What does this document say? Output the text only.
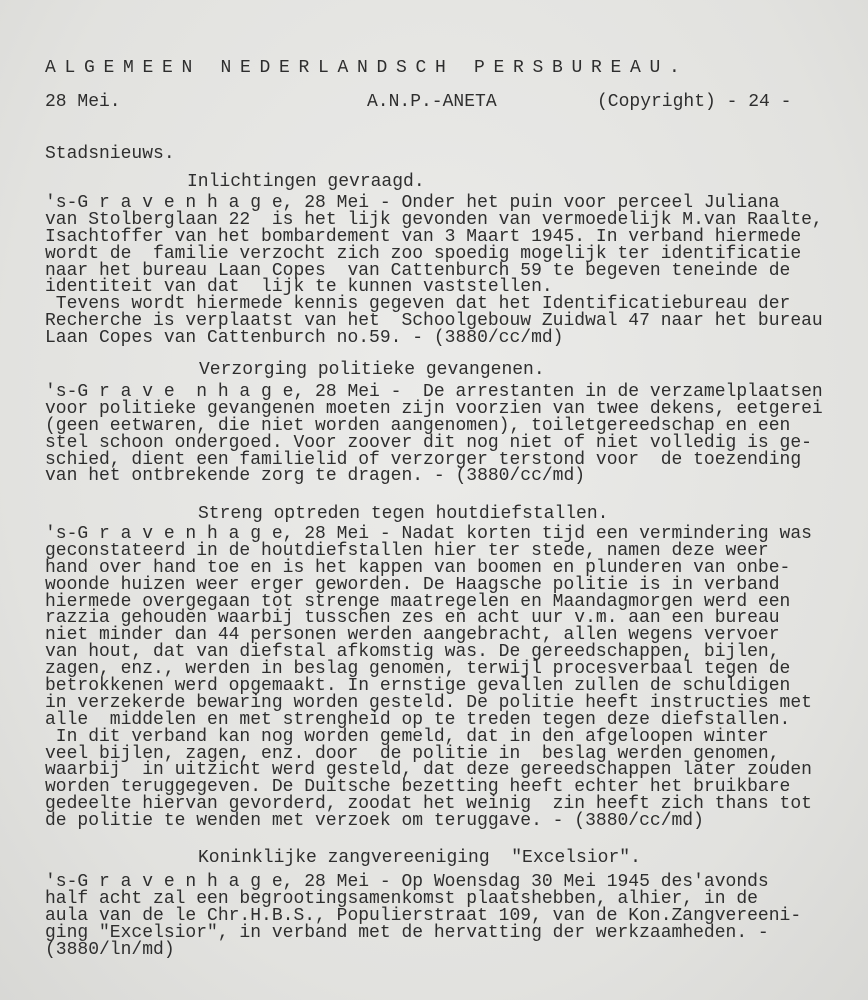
ALGEMEEN NEDERLANDSCH PERSBUREAU.
28 Mei.	A.N.P.-ANETA	(Copyright) - 24 -
Stadsnieuws.
Inlichtingen gevraagd.
's-G r a v e n h a g e, 28 Mei - Onder het puin voor perceel Juliana
van Stolberglaan 22  is het lijk gevonden van vermoedelijk M.van Raalte,
Isachtoffer van het bombardement van 3 Maart 1945. In verband hiermede
wordt de  familie verzocht zich zoo spoedig mogelijk ter identificatie
naar het bureau Laan Copes  van Cattenburch 59 te begeven teneinde de
identiteit van dat  lijk te kunnen vaststellen.
Tevens wordt hiermede kennis gegeven dat het Identificatiebureau der
Recherche is verplaatst van het  Schoolgebouw Zuidwal 47 naar het bureau
Laan Copes van Cattenburch no.59. - (3880/cc/md)
Verzorging politieke gevangenen.
's-G r a v e  n h a g e, 28 Mei -  De arrestanten in de verzamelplaatsen
voor politieke gevangenen moeten zijn voorzien van twee dekens, eetgerei
(geen eetwaren, die niet worden aangenomen), toiletgereedschap en een
stel schoon ondergoed. Voor zoover dit nog niet of niet volledig is ge-
schied, dient een familielid of verzorger terstond voor  de toezending
van het ontbrekende zorg te dragen. - (3880/cc/md)
Streng optreden tegen houtdiefstallen.
's-G r a v e n h a g e, 28 Mei - Nadat korten tijd een vermindering was
geconstateerd in de houtdiefstallen hier ter stede, namen deze weer
hand over hand toe en is het kappen van boomen en plunderen van onbe-
woonde huizen weer erger geworden. De Haagsche politie is in verband
hiermede overgegaan tot strenge maatregelen en Maandagmorgen werd een
razzia gehouden waarbij tusschen zes en acht uur v.m. aan een bureau
niet minder dan 44 personen werden aangebracht, allen wegens vervoer
van hout, dat van diefstal afkomstig was. De gereedschappen, bijlen,
zagen, enz., werden in beslag genomen, terwijl procesverbaal tegen de
betrokkenen werd opgemaakt. In ernstige gevallen zullen de schuldigen
in verzekerde bewaring worden gesteld. De politie heeft instructies met
alle  middelen en met strengheid op te treden tegen deze diefstallen.
In dit verband kan nog worden gemeld, dat in den afgeloopen winter
veel bijlen, zagen, enz. door  de politie in  beslag werden genomen,
waarbij  in uitzicht werd gesteld, dat deze gereedschappen later zouden
worden teruggegeven. De Duitsche bezetting heeft echter het bruikbare
gedeelte hiervan gevorderd, zoodat het weinig  zin heeft zich thans tot
de politie te wenden met verzoek om teruggave. - (3880/cc/md)
Koninklijke zangvereeniging  "Excelsior".
's-G r a v e n h a g e, 28 Mei - Op Woensdag 30 Mei 1945 des'avonds
half acht zal een begrootingsamenkomst plaatshebben, alhier, in de
aula van de le Chr.H.B.S., Populierstraat 109, van de Kon.Zangvereeni-
ging "Excelsior", in verband met de hervatting der werkzaamheden. -
(3880/ln/md)
